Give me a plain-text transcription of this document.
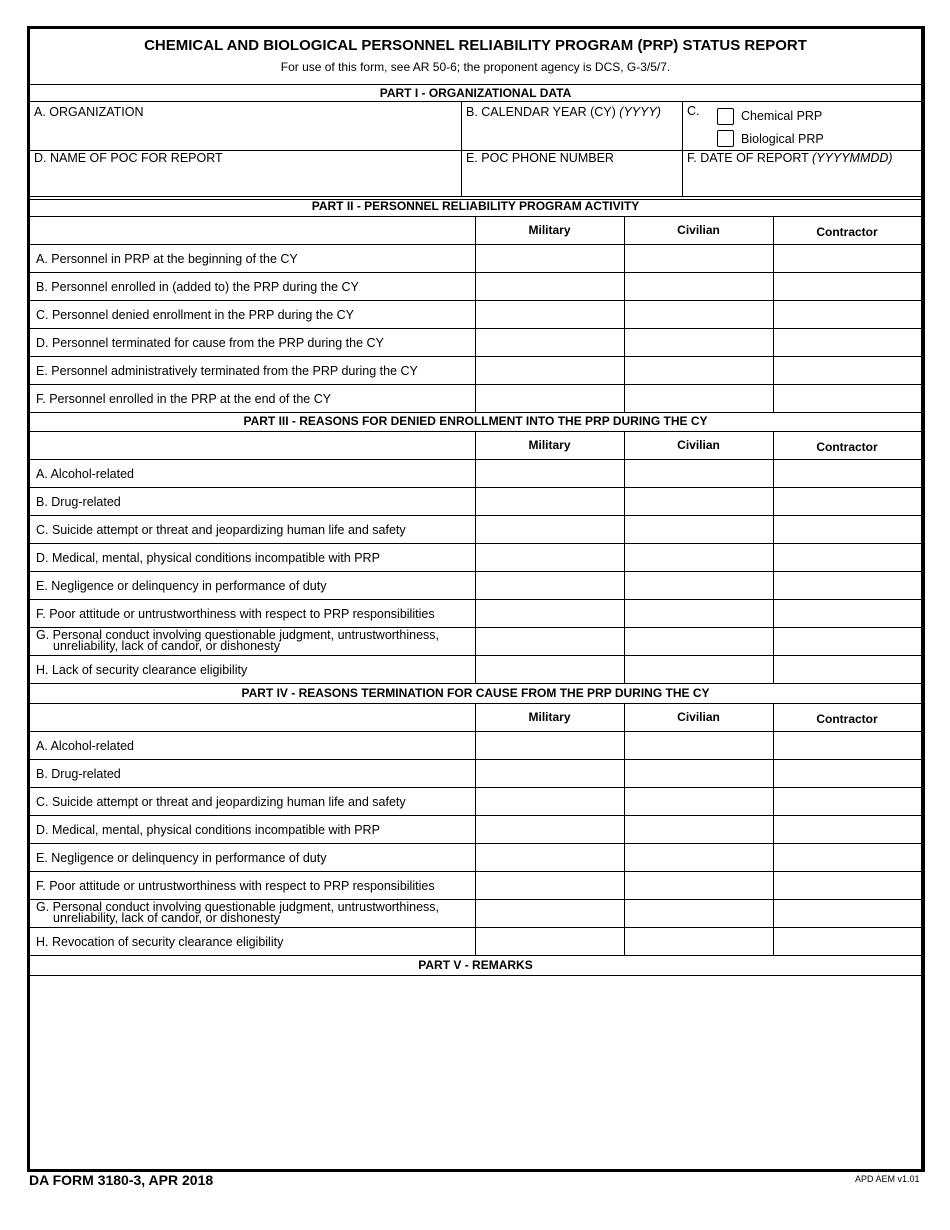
CHEMICAL AND BIOLOGICAL PERSONNEL RELIABILITY PROGRAM (PRP) STATUS REPORT
For use of this form, see AR 50-6; the proponent agency is DCS, G-3/5/7.
PART I - ORGANIZATIONAL DATA
A. ORGANIZATION	B. CALENDAR YEAR (CY) (YYYY) C.	Chemical PRP
Biological PRP
D. NAME OF POC FOR REPORT	E. POC PHONE NUMBER	F. DATE OF REPORT (YYYYMMDD)
PART II - PERSONNEL RELIABILITY PROGRAM ACTIVITY
Military	Civilian	Contractor
A. Personnel in PRP at the beginning of the CY
B. Personnel enrolled in (added to) the PRP during the CY
C. Personnel denied enrollment in the PRP during the CY
D. Personnel terminated for cause from the PRP during the CY
E. Personnel administratively terminated from the PRP during the CY
F. Personnel enrolled in the PRP at the end of the CY
PART III - REASONS FOR DENIED ENROLLMENT INTO THE PRP DURING THE CY
Military	Civilian	Contractor
A. Alcohol-related
B. Drug-related
C. Suicide attempt or threat and jeopardizing human life and safety
D. Medical, mental, physical conditions incompatible with PRP
E. Negligence or delinquency in performance of duty
F. Poor attitude or untrustworthiness with respect to PRP responsibilities
G. Personal conduct involving questionable judgment, untrustworthiness,
unreliability, lack of candor, or dishonesty
H. Lack of security clearance eligibility
PART IV - REASONS TERMINATION FOR CAUSE FROM THE PRP DURING THE CY
Military	Civilian	Contractor
A. Alcohol-related
B. Drug-related
C. Suicide attempt or threat and jeopardizing human life and safety
D. Medical, mental, physical conditions incompatible with PRP
E. Negligence or delinquency in performance of duty
F. Poor attitude or untrustworthiness with respect to PRP responsibilities
G. Personal conduct involving questionable judgment, untrustworthiness,
unreliability, lack of candor, or dishonesty
H. Revocation of security clearance eligibility
PART V - REMARKS
DA FORM 3180-3, APR 2018	APD AEM v1.01
